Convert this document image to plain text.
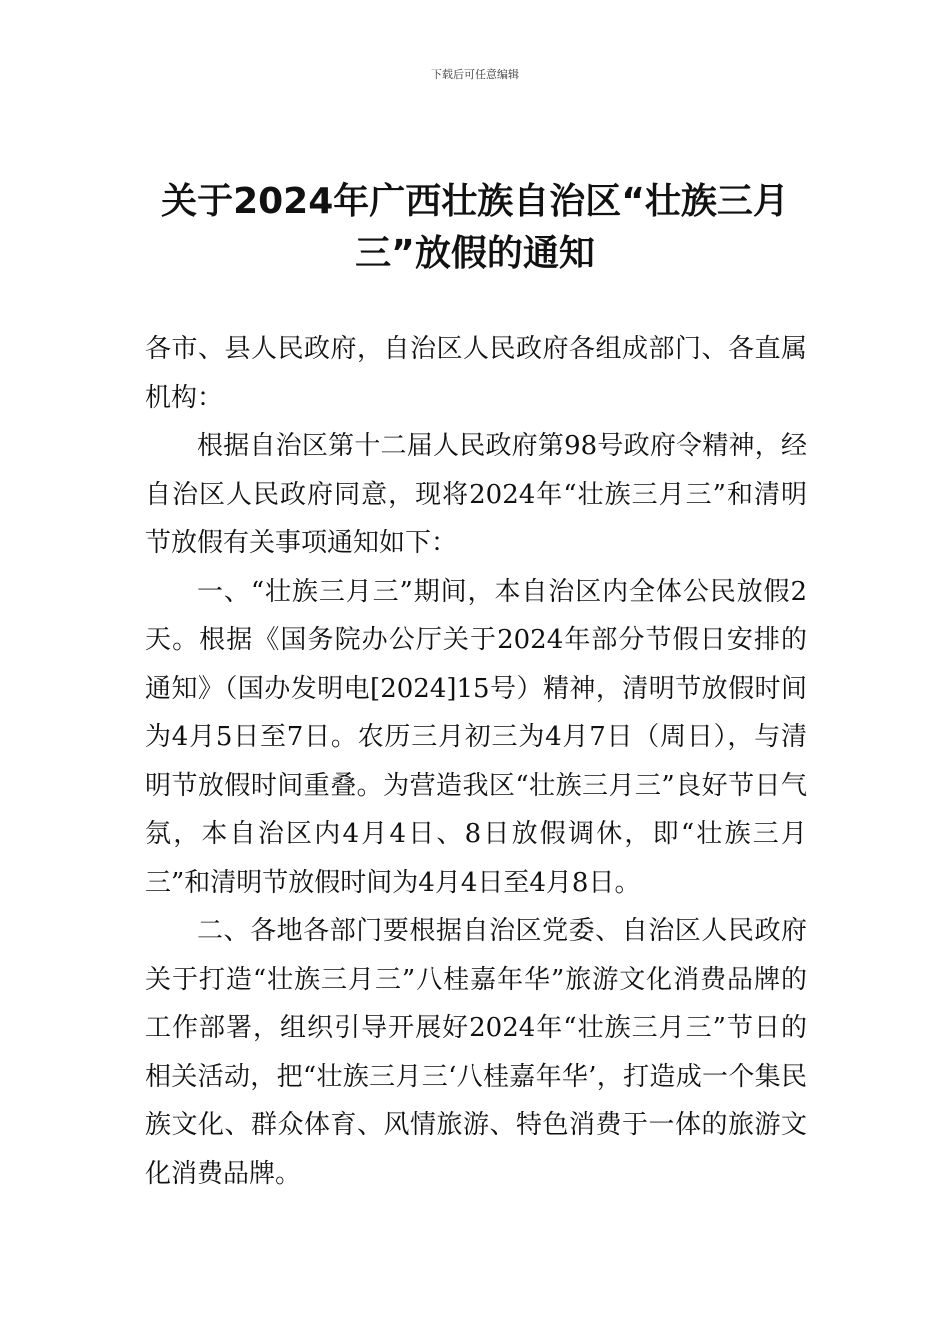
下载后可任意编辑
关于2024年广西壮族自治区“壮族三月
三”放假的通知

各市、县人民政府，自治区人民政府各组成部门、各直属机构：

根据自治区第十二届人民政府第98号政府令精神，经自治区人民政府同意，现将2024年“壮族三月三”和清明节放假有关事项通知如下：

一、“壮族三月三”期间，本自治区内全体公民放假2天。根据《国务院办公厅关于2024年部分节假日安排的通知》（国办发明电[2024]15号）精神，清明节放假时间为4月5日至7日。农历三月初三为4月7日（周日），与清明节放假时间重叠。为营造我区“壮族三月三”良好节日气氛，本自治区内4月4日、8日放假调休，即“壮族三月三”和清明节放假时间为4月4日至4月8日。

二、各地各部门要根据自治区党委、自治区人民政府关于打造“壮族三月三”八桂嘉年华”旅游文化消费品牌的工作部署，组织引导开展好2024年“壮族三月三”节日的相关活动，把“壮族三月三‘八桂嘉年华’，打造成一个集民族文化、群众体育、风情旅游、特色消费于一体的旅游文化消费品牌。
